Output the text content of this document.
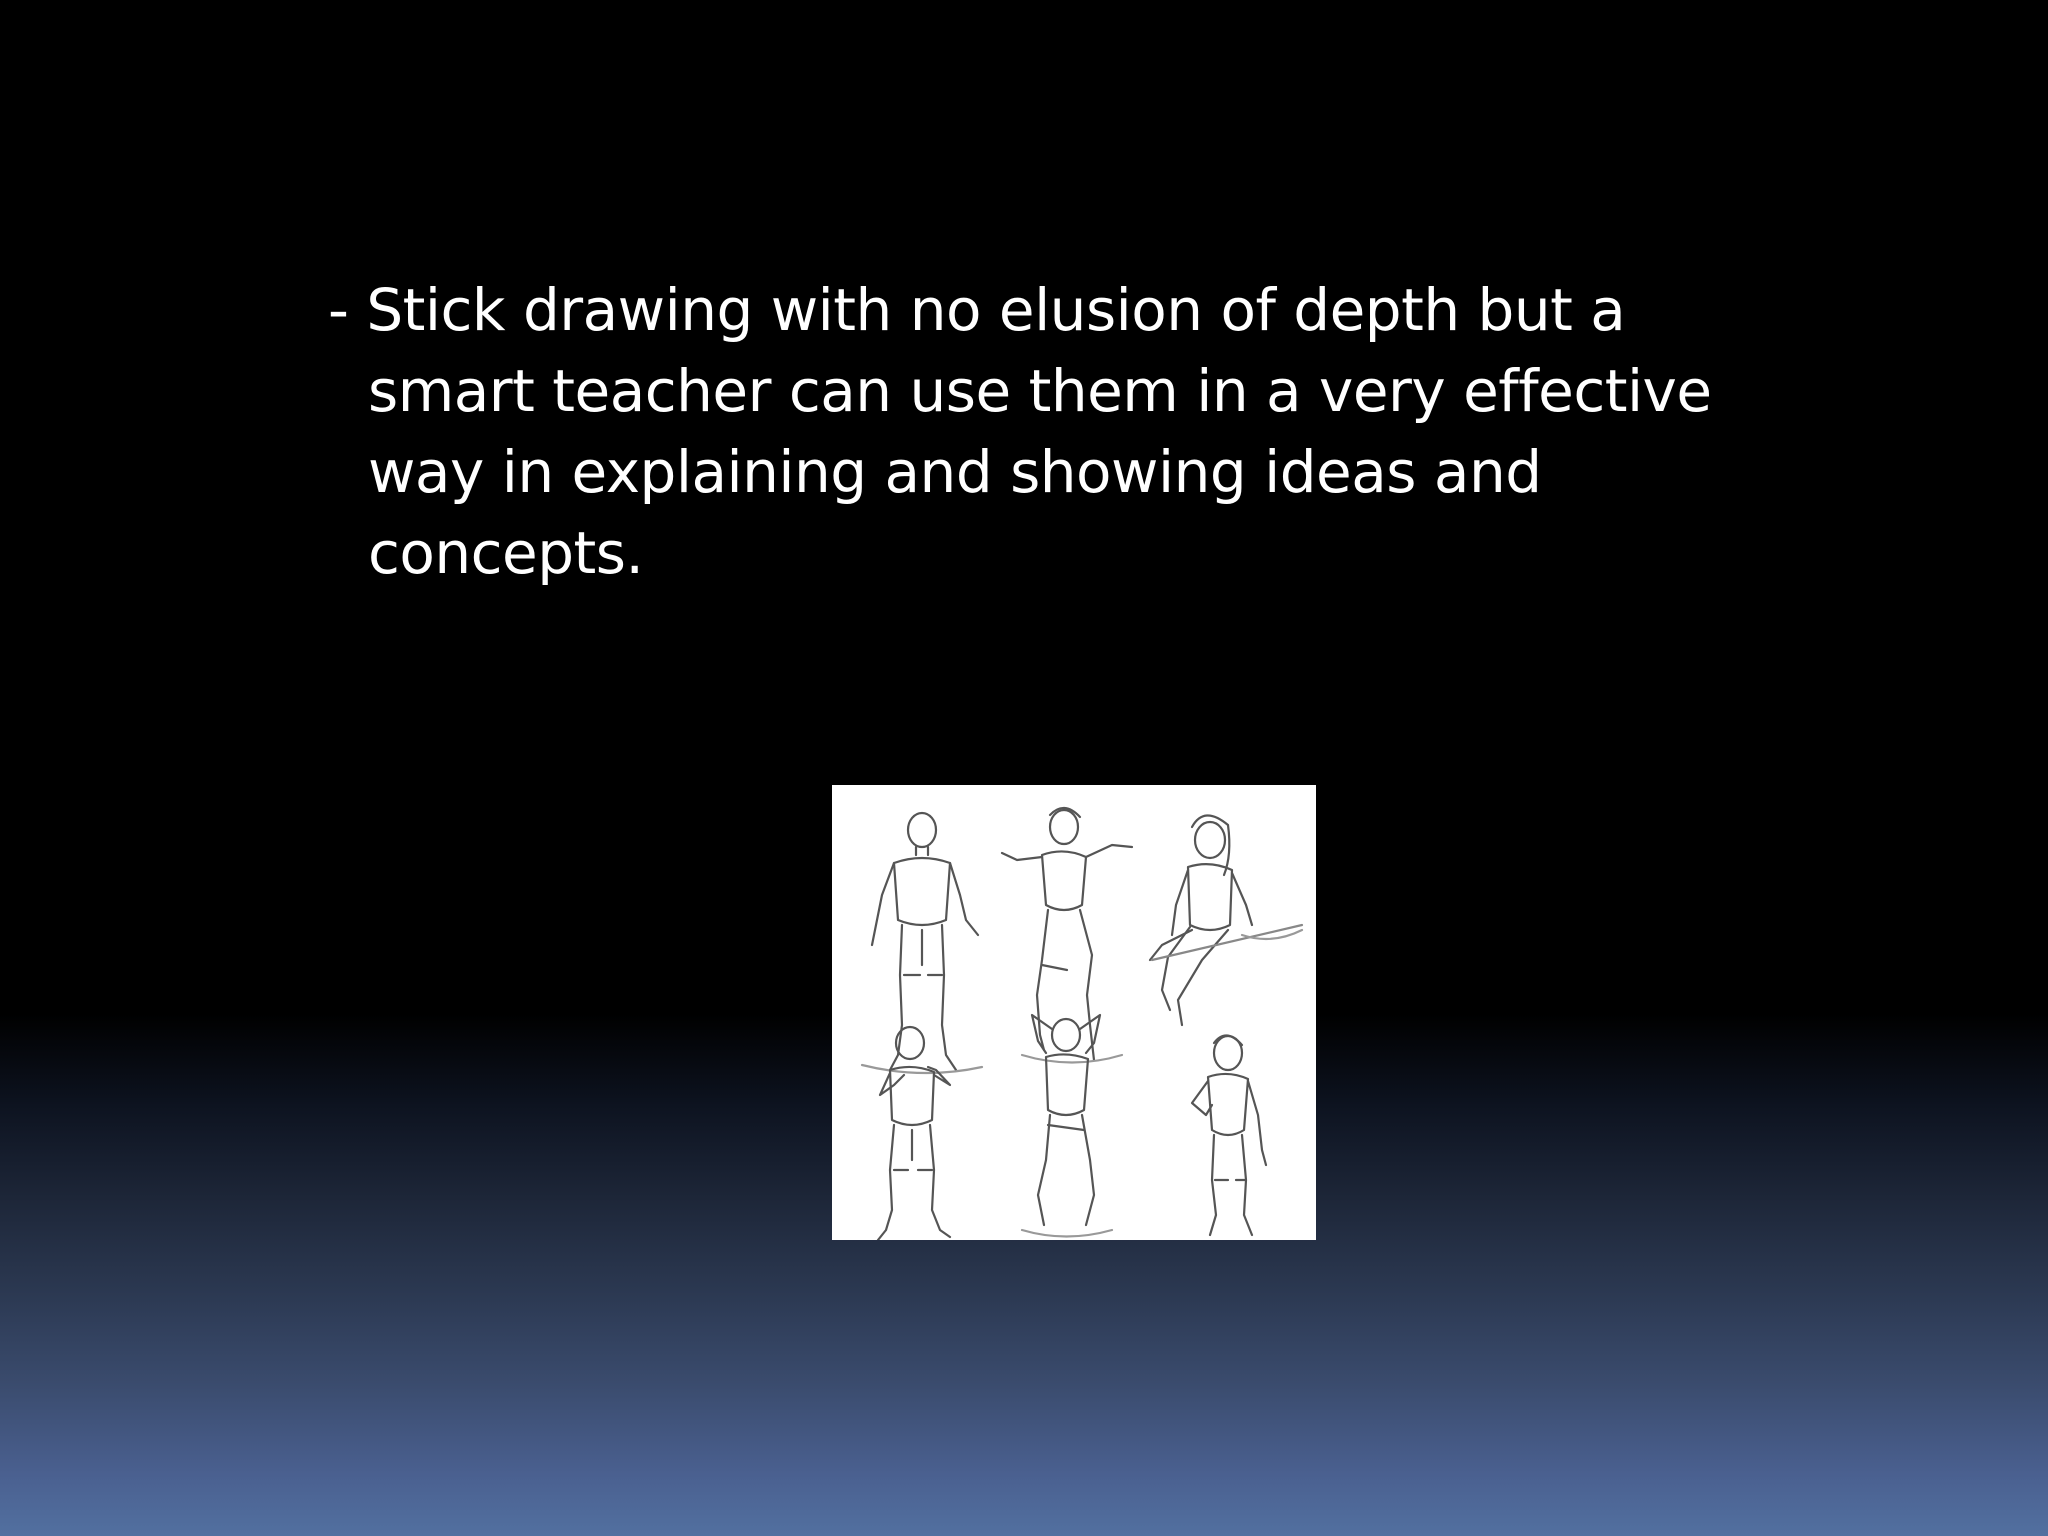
- Stick drawing with no elusion of depth but a smart teacher can use them in a very effective way in explaining and showing ideas and concepts.
